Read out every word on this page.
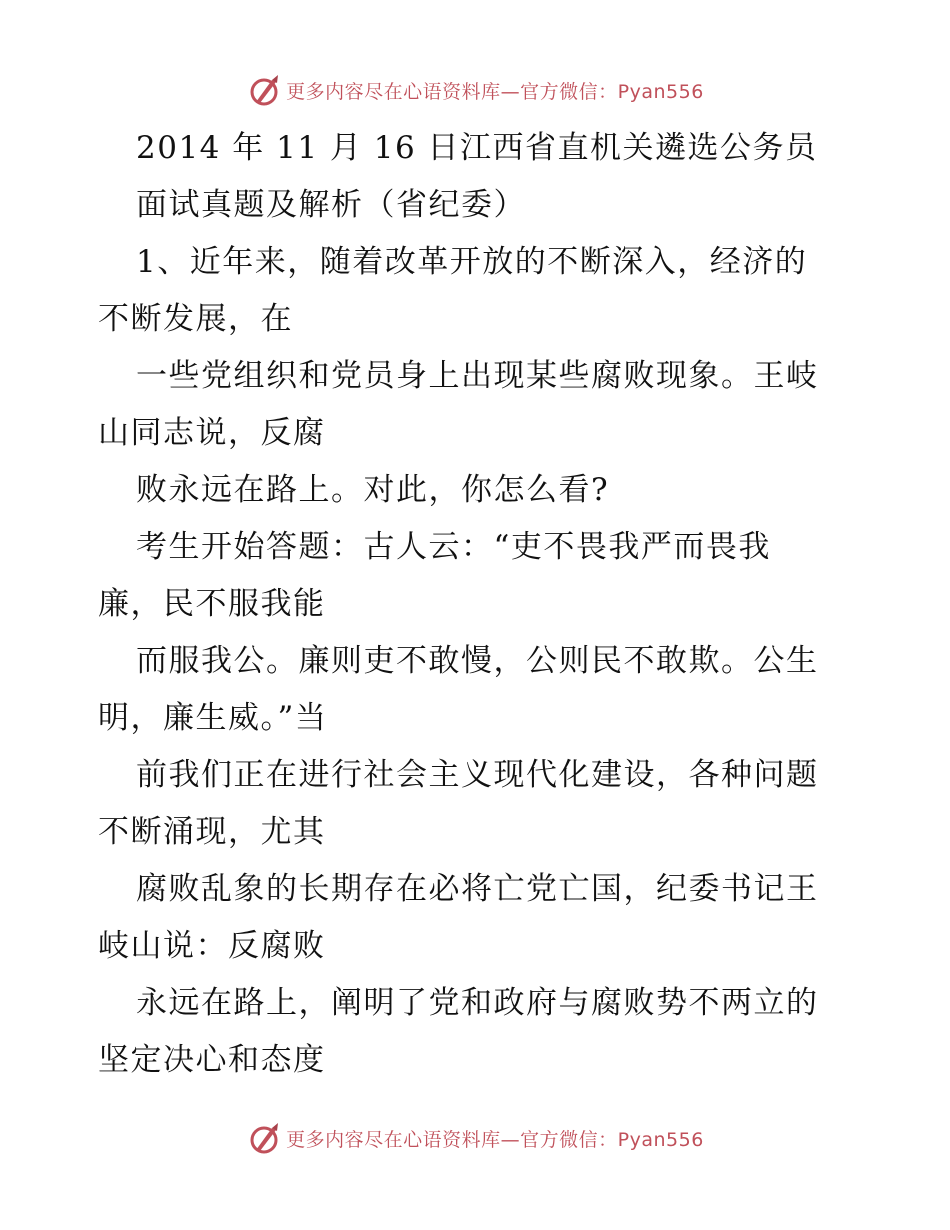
更多内容尽在心语资料库—官方微信：Pyan556
2014 年 11 月 16 日江西省直机关遴选公务员
面试真题及解析（省纪委）
1、近年来，随着改革开放的不断深入，经济的
不断发展，在
一些党组织和党员身上出现某些腐败现象。王岐
山同志说，反腐
败永远在路上。对此，你怎么看?
考生开始答题：古人云：“吏不畏我严而畏我
廉，民不服我能
而服我公。廉则吏不敢慢，公则民不敢欺。公生
明，廉生威。”当
前我们正在进行社会主义现代化建设，各种问题
不断涌现，尤其
腐败乱象的长期存在必将亡党亡国，纪委书记王
岐山说：反腐败
永远在路上，阐明了党和政府与腐败势不两立的
坚定决心和态度
更多内容尽在心语资料库—官方微信：Pyan556
